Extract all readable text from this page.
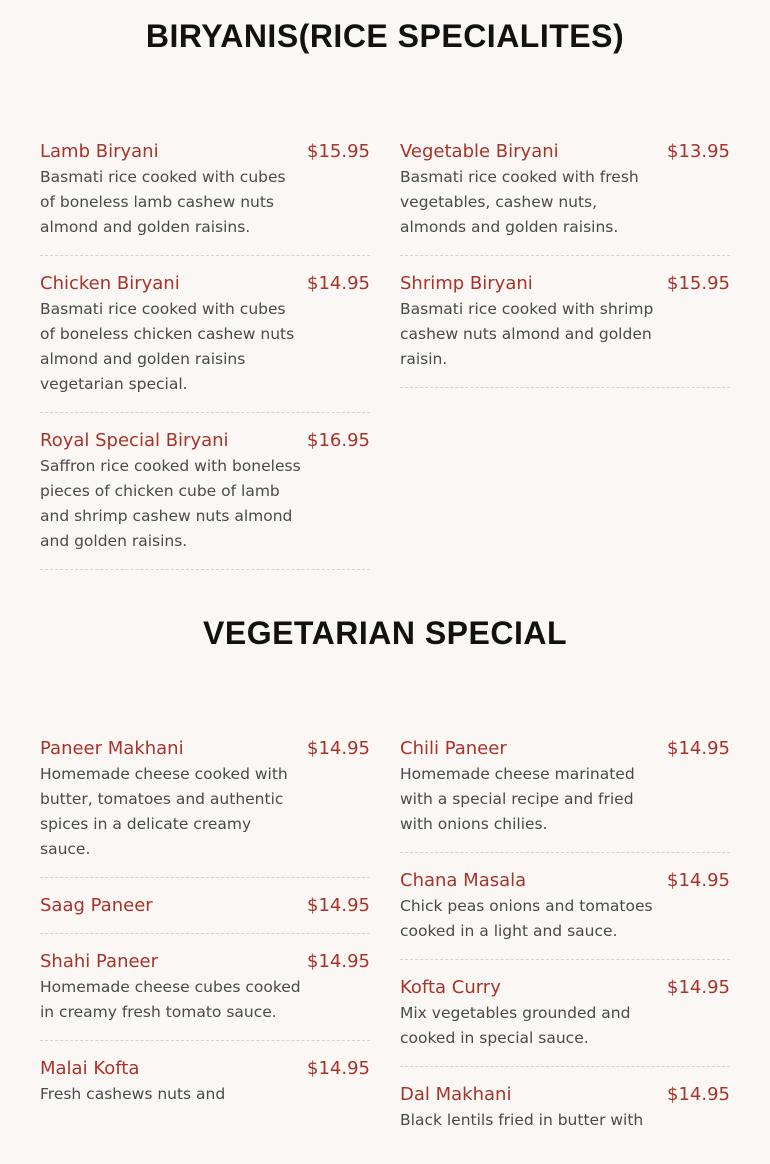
BIRYANIS(RICE SPECIALITES)
Lamb Biryani	$15.95

Basmati rice cooked with cubes of boneless lamb cashew nuts almond and golden raisins.

Chicken Biryani	$14.95

Basmati rice cooked with cubes of boneless chicken cashew nuts almond and golden raisins vegetarian special.

Royal Special Biryani	$16.95

Saffron rice cooked with boneless pieces of chicken cube of lamb and shrimp cashew nuts almond and golden raisins.

Vegetable Biryani	$13.95

Basmati rice cooked with fresh vegetables, cashew nuts, almonds and golden raisins.

Shrimp Biryani	$15.95

Basmati rice cooked with shrimp cashew nuts almond and golden raisin.

VEGETARIAN SPECIAL
Paneer Makhani	$14.95

Homemade cheese cooked with butter, tomatoes and authentic spices in a delicate creamy sauce.

Saag Paneer	$14.95
Shahi Paneer	$14.95

Homemade cheese cubes cooked in creamy fresh tomato sauce.

Malai Kofta	$14.95

Fresh cashews nuts and

Chili Paneer	$14.95

Homemade cheese marinated with a special recipe and fried with onions chilies.

Chana Masala	$14.95

Chick peas onions and tomatoes cooked in a light and sauce.

Kofta Curry	$14.95

Mix vegetables grounded and cooked in special sauce.

Dal Makhani	$14.95

Black lentils fried in butter with
